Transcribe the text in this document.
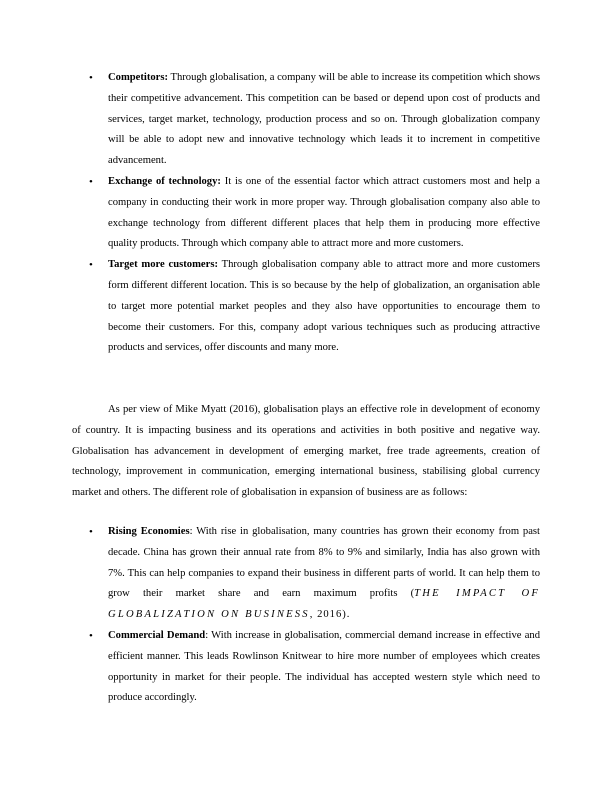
• Competitors: Through globalisation, a company will be able to increase its competition which shows their competitive advancement. This competition can be based or depend upon cost of products and services, target market, technology, production process and so on. Through globalization company will be able to adopt new and innovative technology which leads it to increment in competitive advancement.
• Exchange of technology: It is one of the essential factor which attract customers most and help a company in conducting their work in more proper way. Through globalisation company also able to exchange technology from different different places that help them in producing more effective quality products. Through which company able to attract more and more customers.
• Target more customers: Through globalisation company able to attract more and more customers form different different location. This is so because by the help of globalization, an organisation able to target more potential market peoples and they also have opportunities to encourage them to become their customers. For this, company adopt various techniques such as producing attractive products and services, offer discounts and many more.

As per view of Mike Myatt (2016), globalisation plays an effective role in development of economy of country. It is impacting business and its operations and activities in both positive and negative way. Globalisation has advancement in development of emerging market, free trade agreements, creation of technology, improvement in communication, emerging international business, stabilising global currency market and others. The different role of globalisation in expansion of business are as follows:

• Rising Economies: With rise in globalisation, many countries has grown their economy from past decade. China has grown their annual rate from 8% to 9% and similarly, India has also grown with 7%. This can help companies to expand their business in different parts of world. It can help them to grow their market share and earn maximum profits (THE IMPACT OF GLOBALIZATION ON BUSINESS, 2016).
• Commercial Demand: With increase in globalisation, commercial demand increase in effective and efficient manner. This leads Rowlinson Knitwear to hire more number of employees which creates opportunity in market for their people. The individual has accepted western style which need to produce accordingly.
